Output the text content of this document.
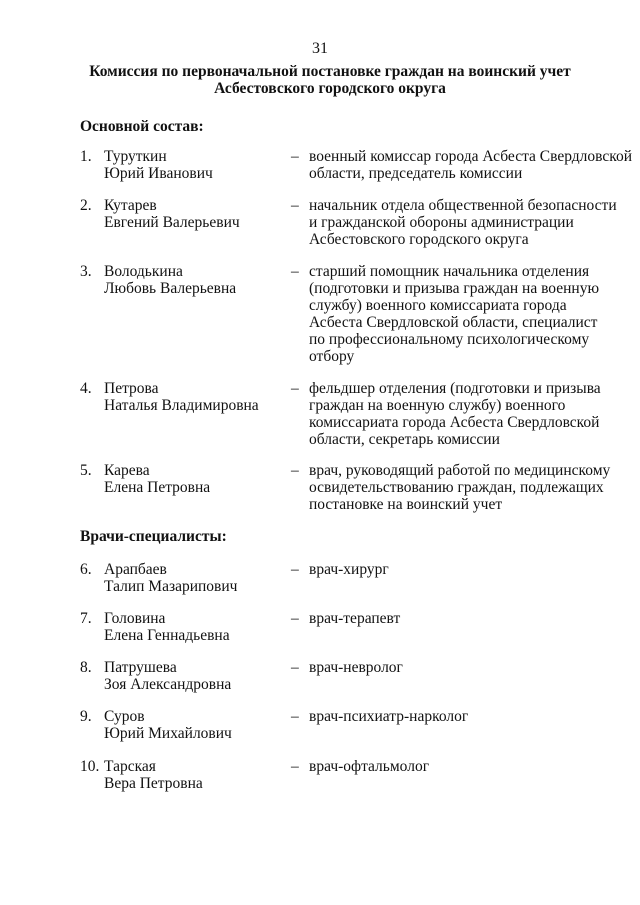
31
Комиссия по первоначальной постановке граждан на воинский учет
Асбестовского городского округа
Основной состав:
1. Туруткин
Юрий Иванович
– военный комиссар города Асбеста Свердловской
области, председатель комиссии
2. Кутарев
Евгений Валерьевич
– начальник отдела общественной безопасности
и гражданской обороны администрации
Асбестовского городского округа
3. Володькина
Любовь Валерьевна
– старший помощник начальника отделения
(подготовки и призыва граждан на военную
службу) военного комиссариата города
Асбеста Свердловской области, специалист
по профессиональному психологическому
отбору
4. Петрова
Наталья Владимировна
– фельдшер отделения (подготовки и призыва
граждан на военную службу) военного
комиссариата города Асбеста Свердловской
области, секретарь комиссии
5. Карева
Елена Петровна
– врач, руководящий работой по медицинскому
освидетельствованию граждан, подлежащих
постановке на воинский учет
Врачи-специалисты:
6. Арапбаев
Талип Мазарипович
– врач-хирург
7. Головина
Елена Геннадьевна
– врач-терапевт
8. Патрушева
Зоя Александровна
– врач-невролог
9. Суров
Юрий Михайлович
– врач-психиатр-нарколог
10. Тарская
Вера Петровна
– врач-офтальмолог
